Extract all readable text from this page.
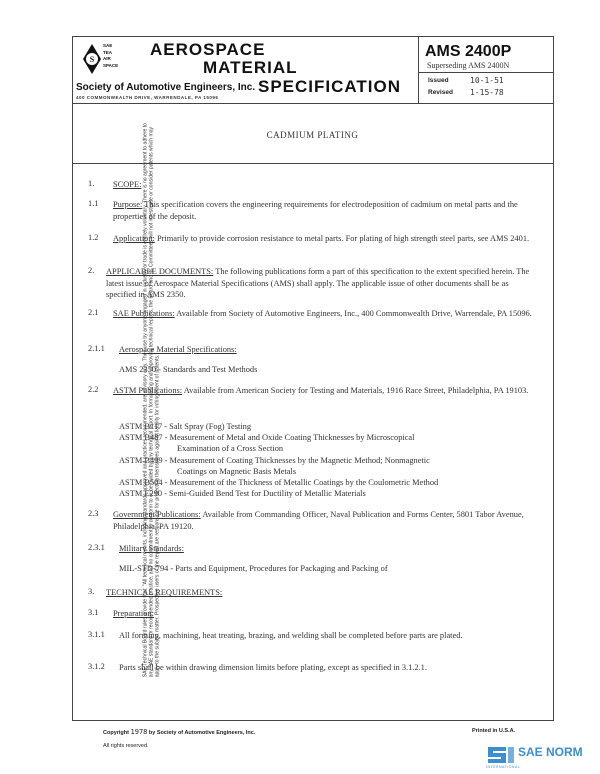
S
SAE
TEA
AIR
SPACE
AEROSPACE
MATERIAL
Society of Automotive Engineers, Inc. SPECIFICATION
400 COMMONWEALTH DRIVE, WARRENDALE, PA 15096
AMS 2400P
Superseding AMS 2400N
Issued	10-1-51
Revised 1-15-78
CADMIUM PLATING
SAE Technical Board rules provide that: "All technical reports, including standards approved and practices recommended, are advisory only. Their use by anyone engaged in industry or trade is entirely voluntary. There is no agreement to adhere to any SAE standard or recommended practice, and no commitment to conform to or be guided by any technical report. In formulating and approving technical reports, the Board and its Committees will not investigate or consider patents which may apply to the subject matter. Prospective users of the report are responsible for protecting themselves against liability for infringement of patents."
1. SCOPE:
1.1 Purpose: This specification covers the engineering requirements for electrodeposition of cadmium on metal parts and the properties of the deposit.
1.2 Application: Primarily to provide corrosion resistance to metal parts. For plating of high strength steel parts, see AMS 2401.
2. APPLICABLE DOCUMENTS: The following publications form a part of this specification to the extent specified herein. The latest issue of Aerospace Material Specifications (AMS) shall apply. The applicable issue of other documents shall be as specified in AMS 2350.
2.1 SAE Publications: Available from Society of Automotive Engineers, Inc., 400 Commonwealth Drive, Warrendale, PA 15096.
2.1.1 Aerospace Material Specifications:
AMS 2350 - Standards and Test Methods
2.2 ASTM Publications: Available from American Society for Testing and Materials, 1916 Race Street, Philadelphia, PA 19103.
ASTM B117 - Salt Spray (Fog) Testing
ASTM B487 - Measurement of Metal and Oxide Coating Thicknesses by Microscopical
Examination of a Cross Section
ASTM B499 - Measurement of Coating Thicknesses by the Magnetic Method; Nonmagnetic
Coatings on Magnetic Basis Metals
ASTM B504 - Measurement of the Thickness of Metallic Coatings by the Coulometric Method
ASTM E290 - Semi-Guided Bend Test for Ductility of Metallic Materials
2.3 Government Publications: Available from Commanding Officer, Naval Publication and Forms Center, 5801 Tabor Avenue, Philadelphia, PA 19120.
2.3.1 Military Standards:
MIL-STD-794 - Parts and Equipment, Procedures for Packaging and Packing of
3. TECHNICAL REQUIREMENTS:
3.1 Preparation:
3.1.1 All forming, machining, heat treating, brazing, and welding shall be completed before parts are plated.
3.1.2 Parts shall be within drawing dimension limits before plating, except as specified in 3.1.2.1.
Copyright 1978 by Society of Automotive Engineers, Inc.	Printed in U.S.A.
All rights reserved.	SAE NORM
INTERNATIONAL
